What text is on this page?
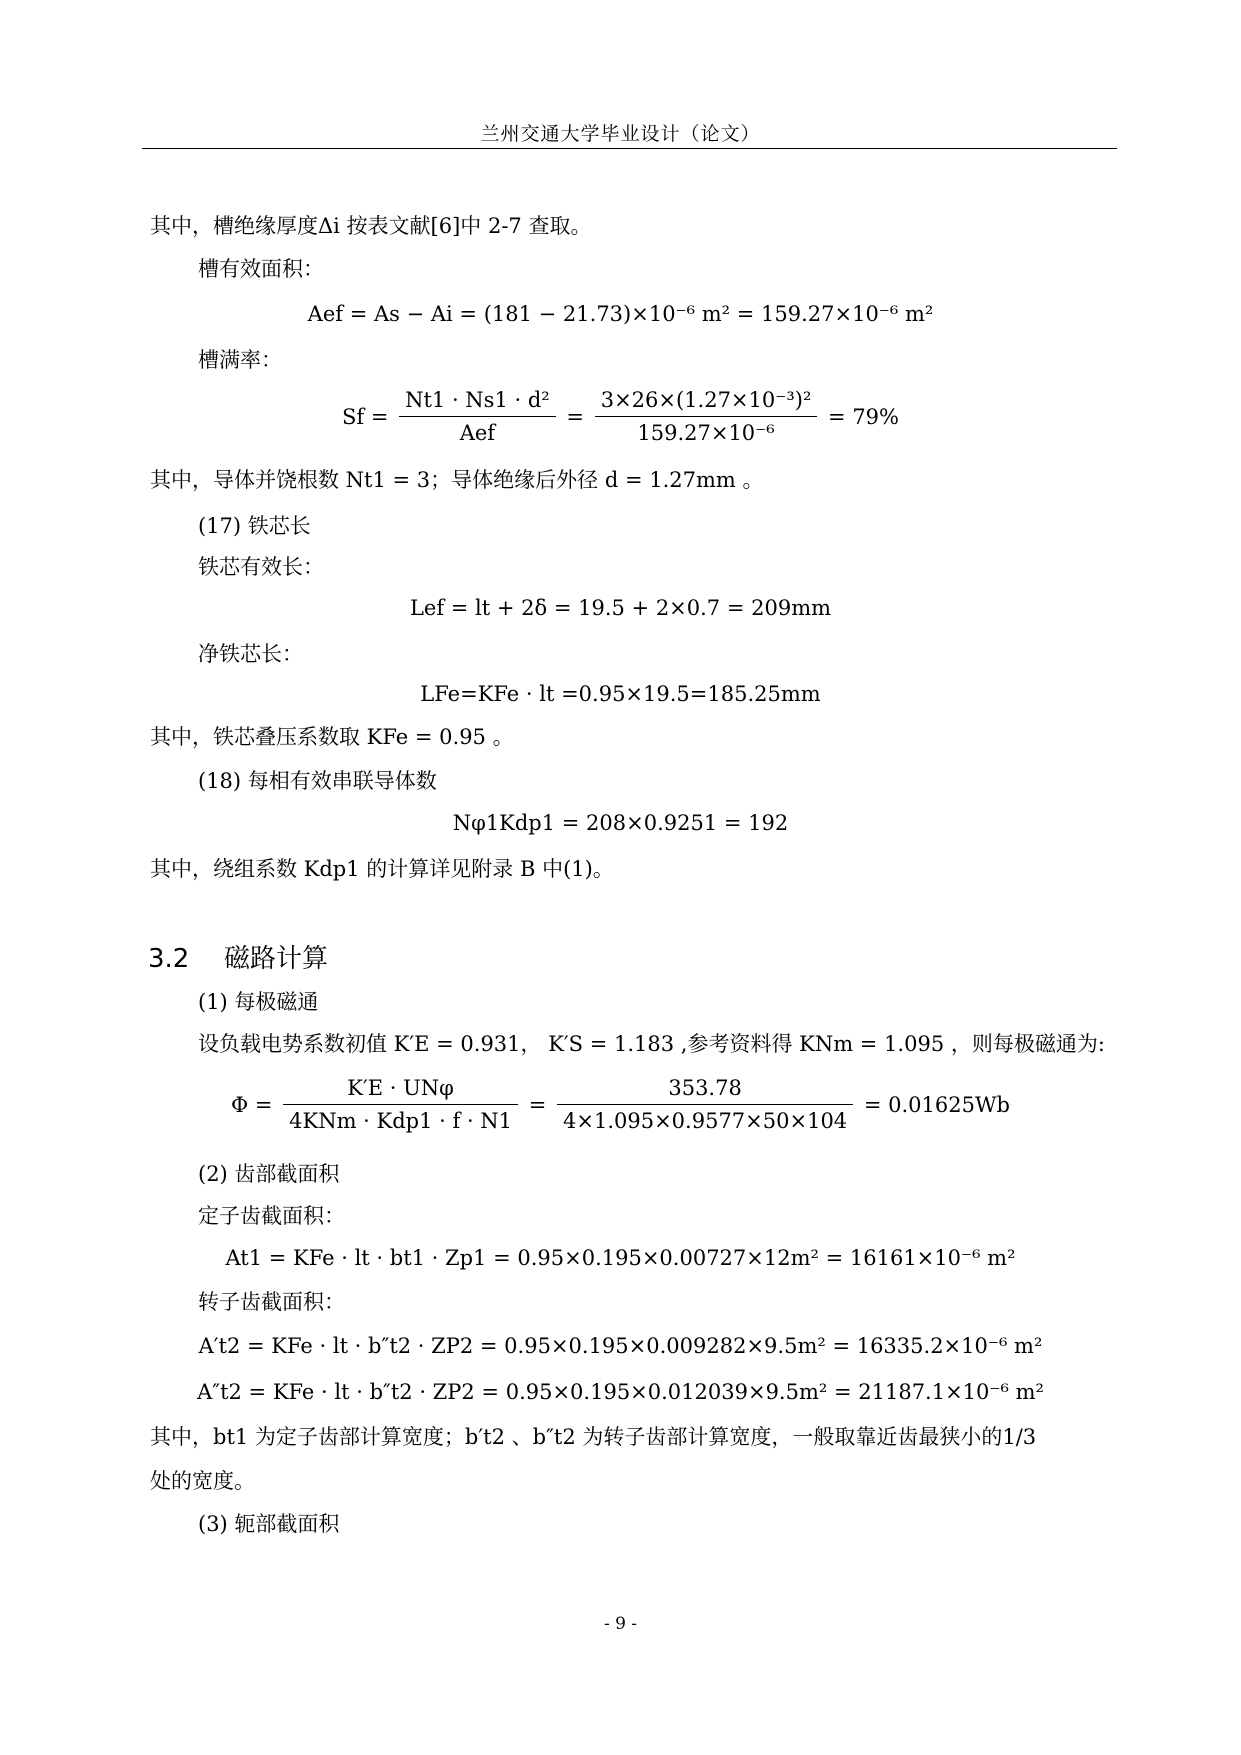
兰州交通大学毕业设计（论文）
其中，槽绝缘厚度Δi 按表文献[6]中 2-7 查取。
槽有效面积：
Aef = As − Ai = (181 − 21.73)×10⁻⁶ m² = 159.27×10⁻⁶ m²
槽满率：
Sf =
Nt1 · Ns1 · d²
Aef
= $\frac{\text{3×26×(1.27×10⁻³)²}}{\text{159.27×10⁻⁶}} = 79\%$
其中，导体并饶根数 Nt1 = 3；导体绝缘后外径 d = 1.27mm 。
(17) 铁芯长
铁芯有效长：
Lef = lt + 2δ = 19.5 + 2×0.7 = 209mm
净铁芯长：
LFe=KFe · lt =0.95×19.5=185.25mm
其中，铁芯叠压系数取 KFe = 0.95 。
(18) 每相有效串联导体数
Nφ1Kdp1 = 208×0.9251 = 192
其中，绕组系数 Kdp1 的计算详见附录 B 中(1)。
3.2 磁路计算
(1) 每极磁通
设负载电势系数初值 K′E = 0.931， K′S = 1.183 ,参考资料得 KNm = 1.095 ，则每极磁通为:
Φ =
K′E · UNφ
4KNm · Kdp1 · f · N1
= $\frac{353.78}{4\times 1.095\times 0.9577\times 50\times 104} = 0.01625Wb$
(2) 齿部截面积
定子齿截面积：
At1 = KFe · lt · bt1 · Zp1 = 0.95×0.195×0.00727×12m² = 16161×10⁻⁶ m²
转子齿截面积：
A′t2 = KFe · lt · b″t2 · ZP2 = 0.95×0.195×0.009282×9.5m² = 16335.2×10⁻⁶ m²
A″t2 = KFe · lt · b″t2 · ZP2 = 0.95×0.195×0.012039×9.5m² = 21187.1×10⁻⁶ m²
其中，bt1 为定子齿部计算宽度；b′t2 、b″t2 为转子齿部计算宽度，一般取靠近齿最狭小的1/3
处的宽度。
(3) 轭部截面积
- 9 -
